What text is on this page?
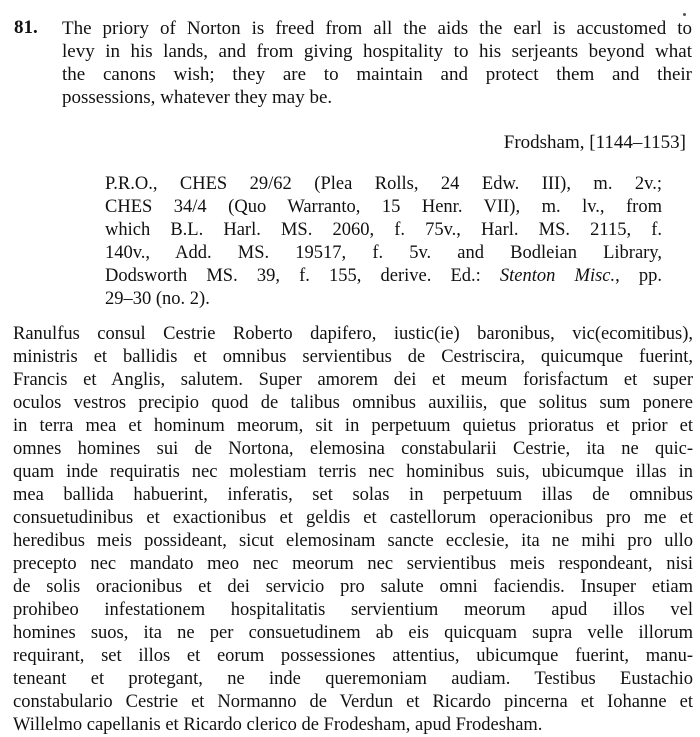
81. The priory of Norton is freed from all the aids the earl is accustomed to
levy in his lands, and from giving hospitality to his serjeants beyond what
the canons wish; they are to maintain and protect them and their
possessions, whatever they may be.
Frodsham, [1144–1153]
P.R.O., CHES 29/62 (Plea Rolls, 24 Edw. III), m. 2v.;
CHES 34/4 (Quo Warranto, 15 Henr. VII), m. lv., from
which B.L. Harl. MS. 2060, f. 75v., Harl. MS. 2115, f.
140v., Add. MS. 19517, f. 5v. and Bodleian Library,
Dodsworth MS. 39, f. 155, derive. Ed.: Stenton Misc., pp.
29–30 (no. 2).
Ranulfus consul Cestrie Roberto dapifero, iustic(ie) baronibus, vic(ecomitibus),
ministris et ballidis et omnibus servientibus de Cestriscira, quicumque fuerint,
Francis et Anglis, salutem. Super amorem dei et meum forisfactum et super
oculos vestros precipio quod de talibus omnibus auxiliis, que solitus sum ponere
in terra mea et hominum meorum, sit in perpetuum quietus prioratus et prior et
omnes homines sui de Nortona, elemosina constabularii Cestrie, ita ne quic-
quam inde requiratis nec molestiam terris nec hominibus suis, ubicumque illas in
mea ballida habuerint, inferatis, set solas in perpetuum illas de omnibus
consuetudinibus et exactionibus et geldis et castellorum operacionibus pro me et
heredibus meis possideant, sicut elemosinam sancte ecclesie, ita ne mihi pro ullo
precepto nec mandato meo nec meorum nec servientibus meis respondeant, nisi
de solis oracionibus et dei servicio pro salute omni faciendis. Insuper etiam
prohibeo infestationem hospitalitatis servientium meorum apud illos vel
homines suos, ita ne per consuetudinem ab eis quicquam supra velle illorum
requirant, set illos et eorum possessiones attentius, ubicumque fuerint, manu-
teneant et protegant, ne inde queremoniam audiam. Testibus Eustachio
constabulario Cestrie et Normanno de Verdun et Ricardo pincerna et Iohanne et
Willelmo capellanis et Ricardo clerico de Frodesham, apud Frodesham.
